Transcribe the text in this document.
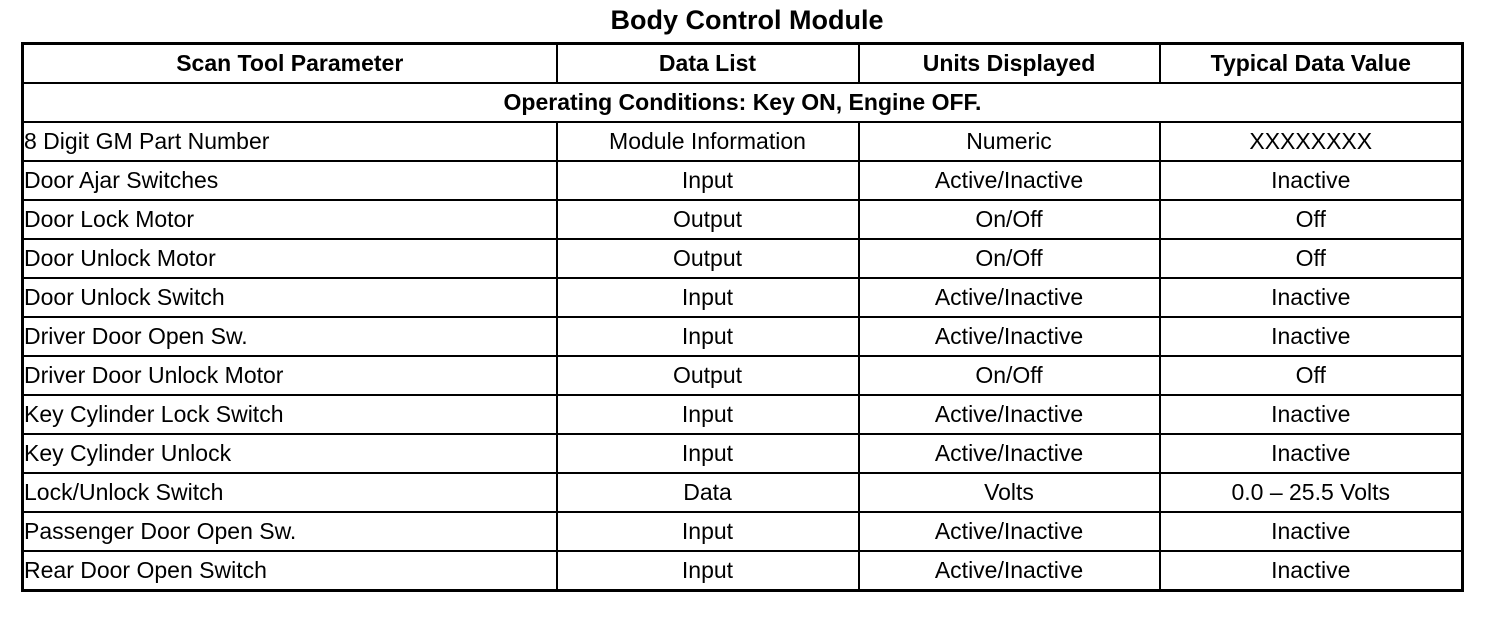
Body Control Module
Scan Tool Parameter	Data List	Units Displayed	Typical Data Value
Operating Conditions: Key ON, Engine OFF.			
8 Digit GM Part Number	Module Information	Numeric	XXXXXXXX
Door Ajar Switches	Input	Active/Inactive	Inactive
Door Lock Motor	Output	On/Off	Off
Door Unlock Motor	Output	On/Off	Off
Door Unlock Switch	Input	Active/Inactive	Inactive
Driver Door Open Sw.	Input	Active/Inactive	Inactive
Driver Door Unlock Motor	Output	On/Off	Off
Key Cylinder Lock Switch	Input	Active/Inactive	Inactive
Key Cylinder Unlock	Input	Active/Inactive	Inactive
Lock/Unlock Switch	Data	Volts	0.0 – 25.5 Volts
Passenger Door Open Sw.	Input	Active/Inactive	Inactive
Rear Door Open Switch	Input	Active/Inactive	Inactive
